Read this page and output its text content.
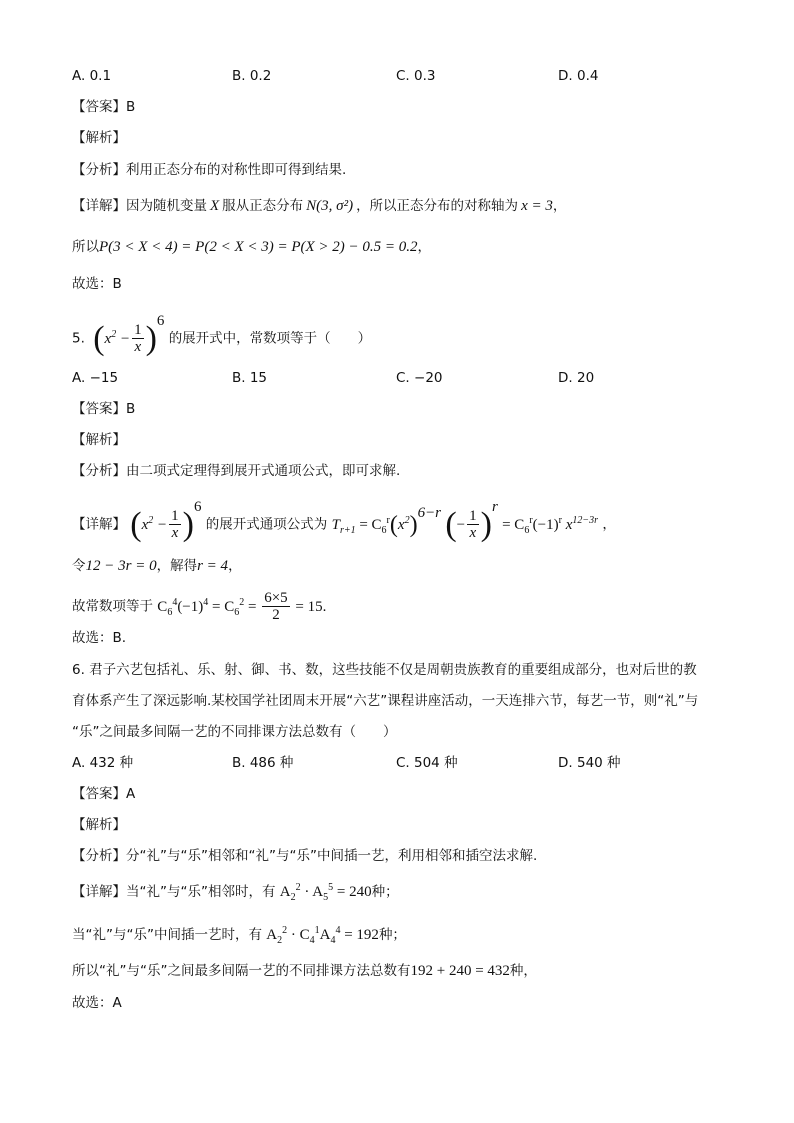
A. 0.1	B. 0.2	C. 0.3	D. 0.4
【答案】B
【解析】
【分析】利用正态分布的对称性即可得到结果.
【详解】因为随机变量 X 服从正态分布 N(3, σ²) ，所以正态分布的对称轴为 x = 3，
所以P(3 < X < 4) = P(2 < X < 3) = P(X > 2) − 0.5 = 0.2，
故选：B
5. $(x^2 - \frac{1}{x} )^6$ 的展开式中，常数项等于（　　）
A. −15	B. 15	C. −20	D. 20
【答案】B
【解析】
【分析】由二项式定理得到展开式通项公式，即可求解.
【详解】 $(x^2 - \frac{1}{x} )^6$ 的展开式通项公式为 $T_{r+1} = C_6^r(x^2)^{6-r}$ (− $\frac{1}{x} )^r = C_6^r(-1)^r$ $x^{12-3r}$ ，
令12 − 3r = 0，解得r = 4，
故常数项等于 $C_6^4(-1)^4 = C_6^2 = \frac{6\times 5}{2} = 15$.
故选：B.
6. 君子六艺包括礼、乐、射、御、书、数，这些技能不仅是周朝贵族教育的重要组成部分，也对后世的教
育体系产生了深远影响.某校国学社团周末开展“六艺”课程讲座活动，一天连排六节，每艺一节，则“礼”与
“乐”之间最多间隔一艺的不同排课方法总数有（　　）
A. 432 种	B. 486 种	C. 504 种	D. 540 种
【答案】A
【解析】
【分析】分“礼”与“乐”相邻和“礼”与“乐”中间插一艺，利用相邻和插空法求解.
【详解】当“礼”与“乐”相邻时，有 $A_2^2 \cdot A_5^5 = 240$种；
当“礼”与“乐”中间插一艺时，有 $A_2^2 \cdot C_4^1A_4^4 = 192$种；
所以“礼”与“乐”之间最多间隔一艺的不同排课方法总数有192 + 240 = 432种，
故选：A
